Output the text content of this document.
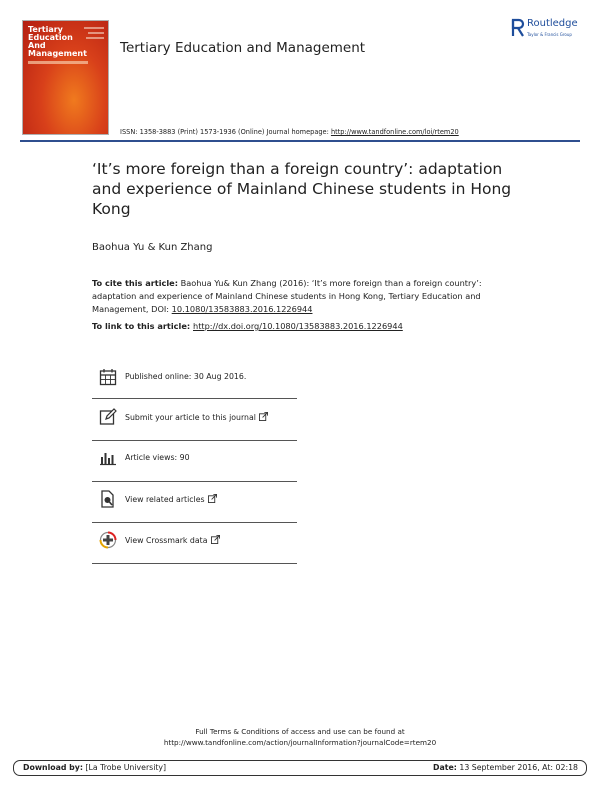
Tertiary
Education
And
Management Tertiary Education and Management
Routledge
Taylor & Francis Group
ISSN: 1358-3883 (Print) 1573-1936 (Online) Journal homepage: http://www.tandfonline.com/loi/rtem20
‘It’s more foreign than a foreign country’: adaptation and experience of Mainland Chinese students in Hong Kong
Baohua Yu & Kun Zhang
To cite this article: Baohua Yu& Kun Zhang (2016): ‘It’s more foreign than a foreign country’: adaptation and experience of Mainland Chinese students in Hong Kong, Tertiary Education and Management, DOI: 10.1080/13583883.2016.1226944
To link to this article: http://dx.doi.org/10.1080/13583883.2016.1226944
Published online: 30 Aug 2016.
Submit your article to this journal
Article views: 90
View related articles
View Crossmark data
Full Terms & Conditions of access and use can be found at
http://www.tandfonline.com/action/journalInformation?journalCode=rtem20
Download by: [La Trobe University]	Date: 13 September 2016, At: 02:18
